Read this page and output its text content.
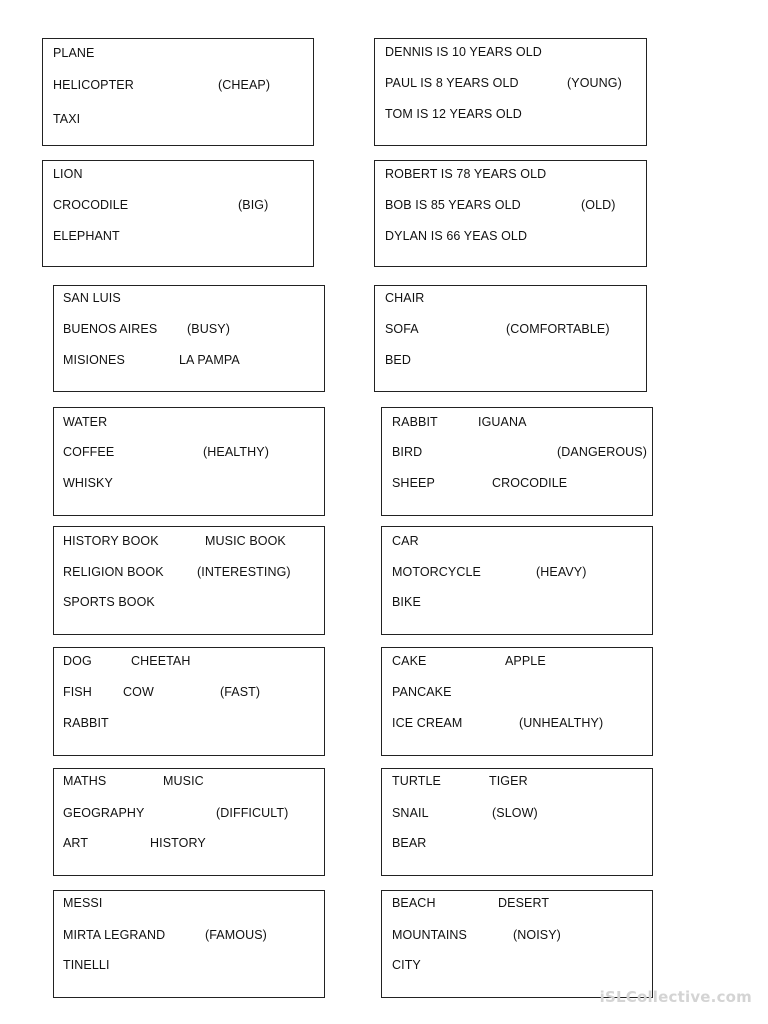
PLANE
HELICOPTER	(CHEAP)
TAXI
DENNIS IS 10 YEARS OLD
PAUL IS 8 YEARS OLD	(YOUNG)
TOM IS 12 YEARS OLD
LION
CROCODILE	(BIG)
ELEPHANT
ROBERT IS 78 YEARS OLD
BOB IS 85 YEARS OLD	(OLD)
DYLAN IS 66 YEAS OLD
SAN LUIS
BUENOS AIRES (BUSY)
MISIONES	LA PAMPA
CHAIR
SOFA	(COMFORTABLE)
BED
WATER
COFFEE	(HEALTHY)
WHISKY
RABBIT	IGUANA
BIRD	(DANGEROUS)
SHEEP	CROCODILE
HISTORY BOOK	MUSIC BOOK
RELIGION BOOK	(INTERESTING)
SPORTS BOOK
CAR
MOTORCYCLE	(HEAVY)
BIKE
DOG	CHEETAH
FISH COW	(FAST)
RABBIT
CAKE	APPLE
PANCAKE
ICE CREAM	(UNHEALTHY)
MATHS	MUSIC
GEOGRAPHY	(DIFFICULT)
ART	HISTORY
TURTLE	TIGER
SNAIL	(SLOW)
BEAR
MESSI
MIRTA LEGRAND	(FAMOUS)
TINELLI
BEACH	DESERT
MOUNTAINS	(NOISY)
CITY
iSLCollective.com
